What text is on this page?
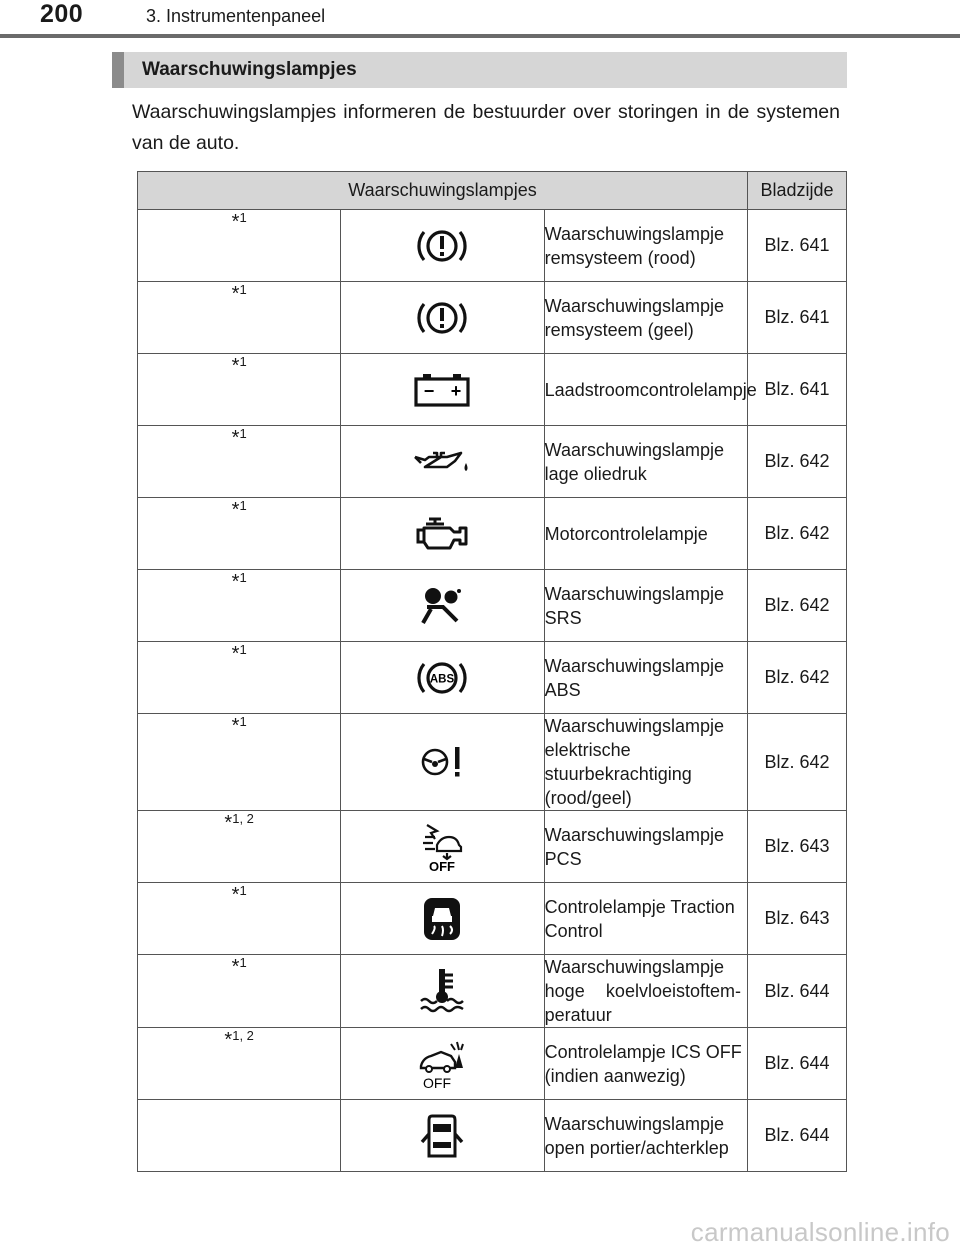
200	3. Instrumentenpaneel
Waarschuwingslampjes

Waarschuwingslampjes informeren de bestuurder over storingen in de systemen van de auto.

Waarschuwingslampjes			Bladzijde
*$^1$		Waarschuwingslampje remsysteem (rood)	Blz. 641
*$^1$		Waarschuwingslampje remsysteem (geel)	Blz. 641
*$^1$	− +	Laadstroomcontrolelampje	Blz. 641
*$^1$		Waarschuwingslampje lage oliedruk	Blz. 642
*$^1$		Motorcontrolelampje	Blz. 642
*$^1$		Waarschuwingslampje SRS	Blz. 642
*$^1$	ABS	Waarschuwingslampje ABS	Blz. 642
*$^1$		Waarschuwingslampje elektrische
stuurbekrachtiging
(rood/geel)	Blz. 642
*$^{1, 2}$	OFF	Waarschuwingslampje PCS	Blz. 643
*$^1$		Controlelampje Traction Control	Blz. 643
*$^1$		Waarschuwingslampje hoge koelvloeistoftem-peratuur	Blz. 644
*$^{1, 2}$	OFF	Controlelampje ICS OFF (indien aanwezig)	Blz. 644

	Waarschuwingslampje open portier/achterklep	Blz. 644
carmanualsonline.info
